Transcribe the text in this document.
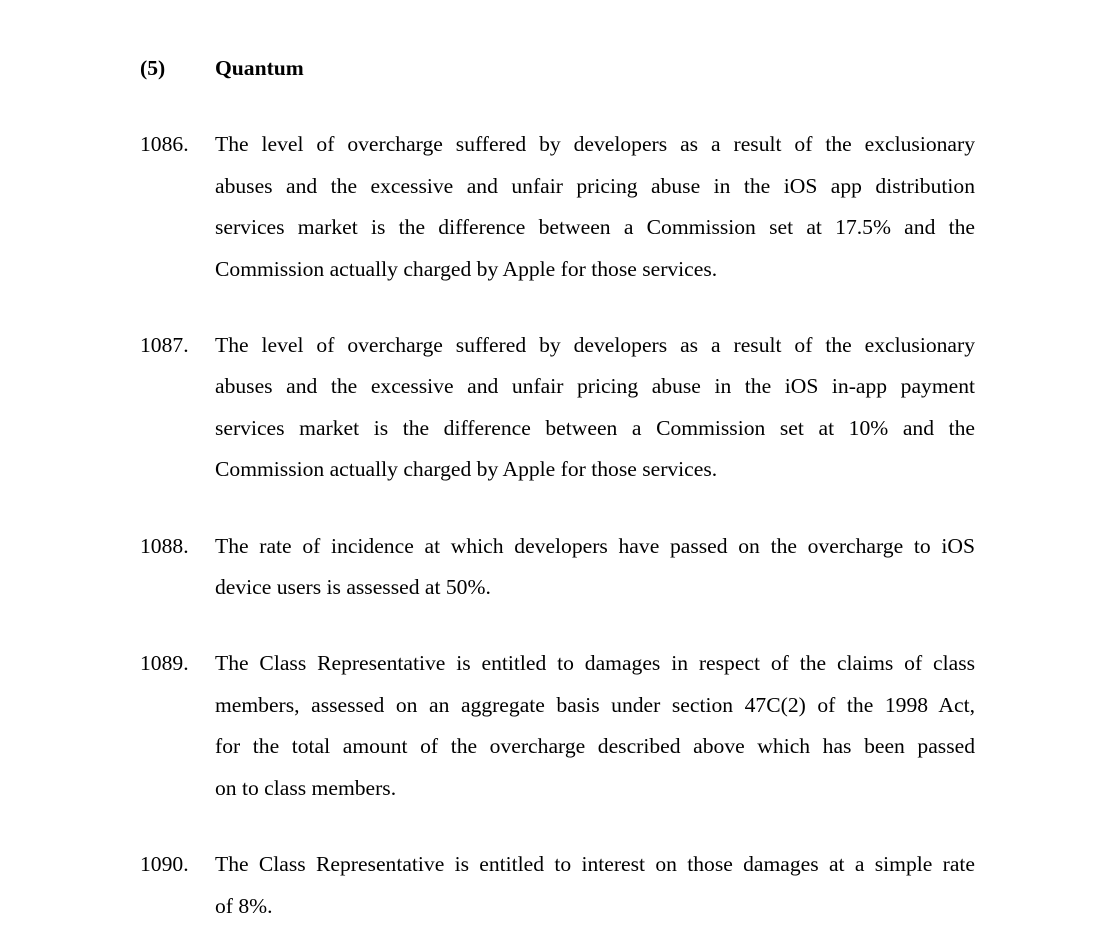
(5)	Quantum
1086.	The level of overcharge suffered by developers as a result of the exclusionary
abuses and the excessive and unfair pricing abuse in the iOS app distribution
services market is the difference between a Commission set at 17.5% and the
Commission actually charged by Apple for those services.
1087.	The level of overcharge suffered by developers as a result of the exclusionary
abuses and the excessive and unfair pricing abuse in the iOS in-app payment
services market is the difference between a Commission set at 10% and the
Commission actually charged by Apple for those services.
1088.	The rate of incidence at which developers have passed on the overcharge to iOS
device users is assessed at 50%.
1089.	The Class Representative is entitled to damages in respect of the claims of class
members, assessed on an aggregate basis under section 47C(2) of the 1998 Act,
for the total amount of the overcharge described above which has been passed
on to class members.
1090.	The Class Representative is entitled to interest on those damages at a simple rate
of 8%.
